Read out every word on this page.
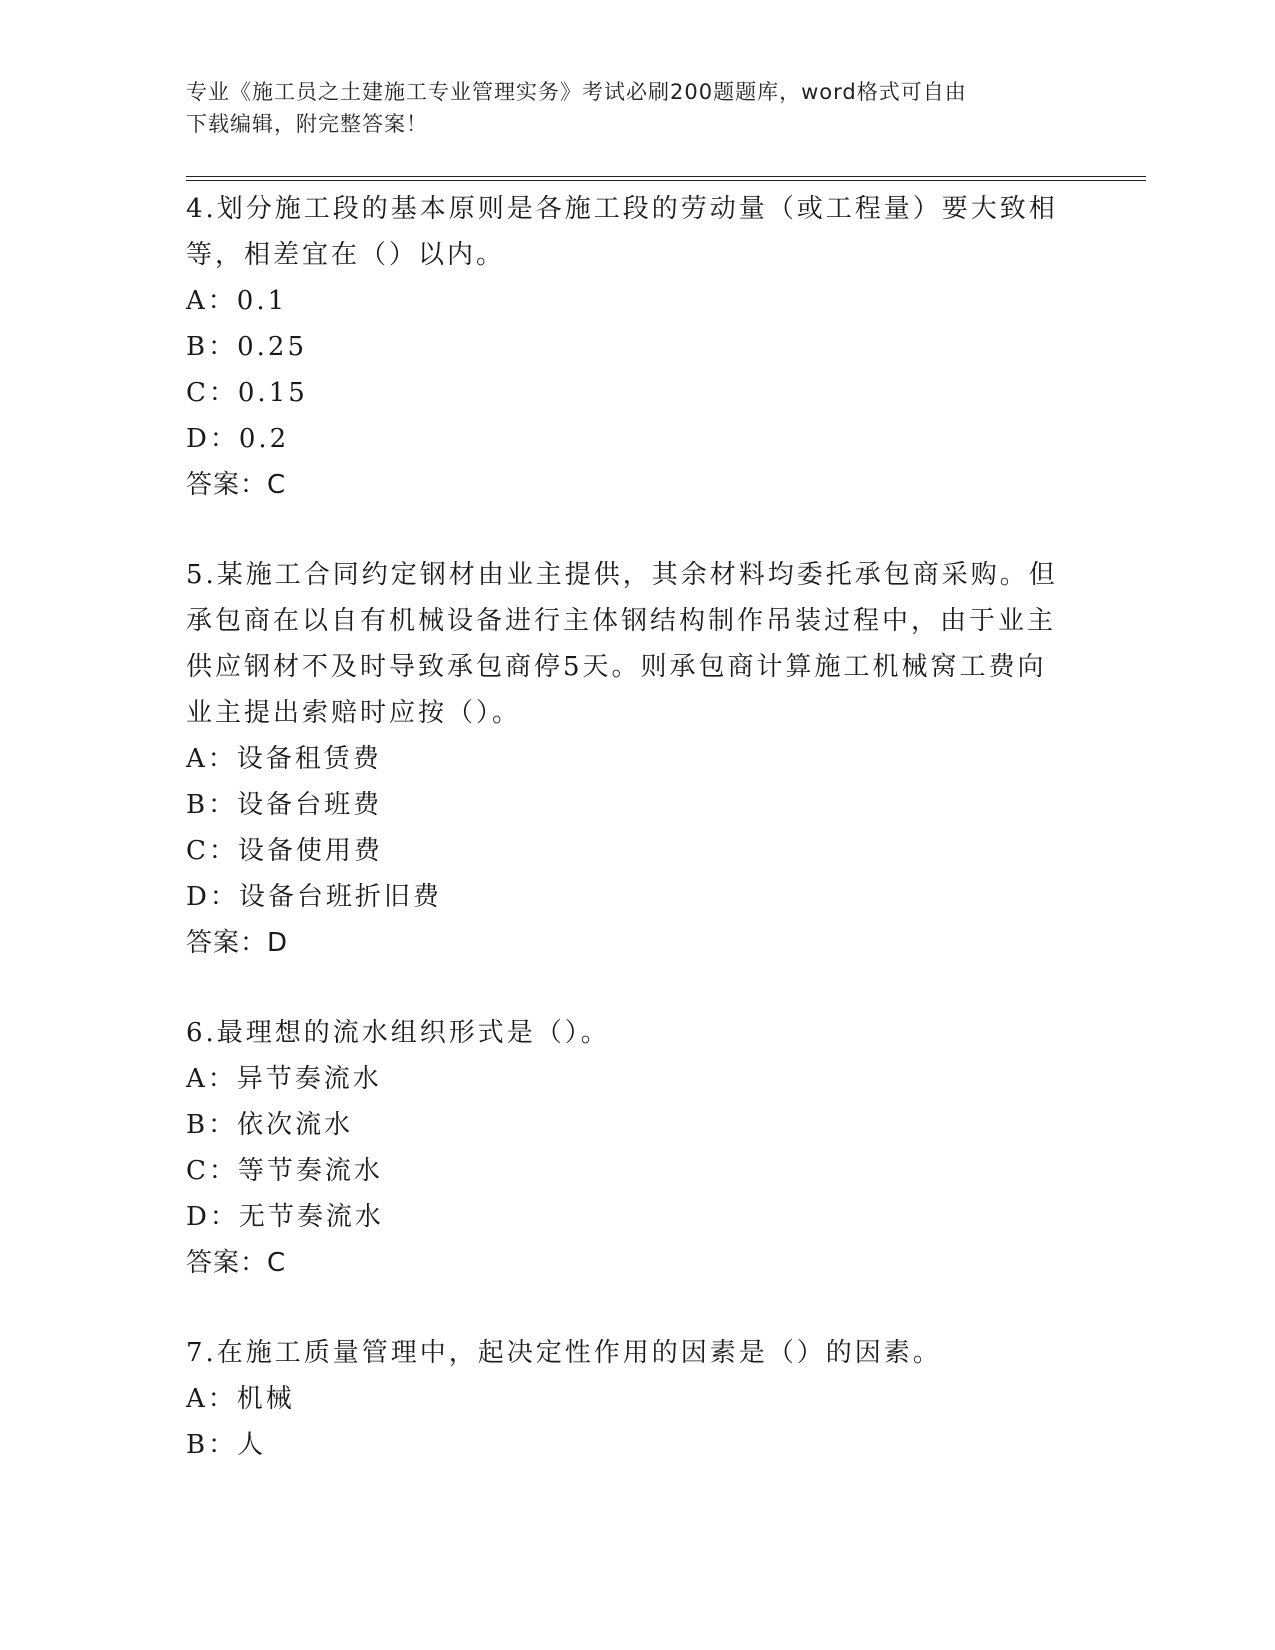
专业《施工员之土建施工专业管理实务》考试必刷200题题库，word格式可自由
下载编辑，附完整答案！

4.划分施工段的基本原则是各施工段的劳动量（或工程量）要大致相等，相差宜在（）以内。

A：0.1

B：0.25

C：0.15

D：0.2

答案：C

5.某施工合同约定钢材由业主提供，其余材料均委托承包商采购。但承包商在以自有机械设备进行主体钢结构制作吊装过程中，由于业主供应钢材不及时导致承包商停5天。则承包商计算施工机械窝工费向业主提出索赔时应按（）。

A：设备租赁费

B：设备台班费

C：设备使用费

D：设备台班折旧费

答案：D

6.最理想的流水组织形式是（）。

A：异节奏流水

B：依次流水

C：等节奏流水

D：无节奏流水

答案：C

7.在施工质量管理中，起决定性作用的因素是（）的因素。

A：机械

B：人
